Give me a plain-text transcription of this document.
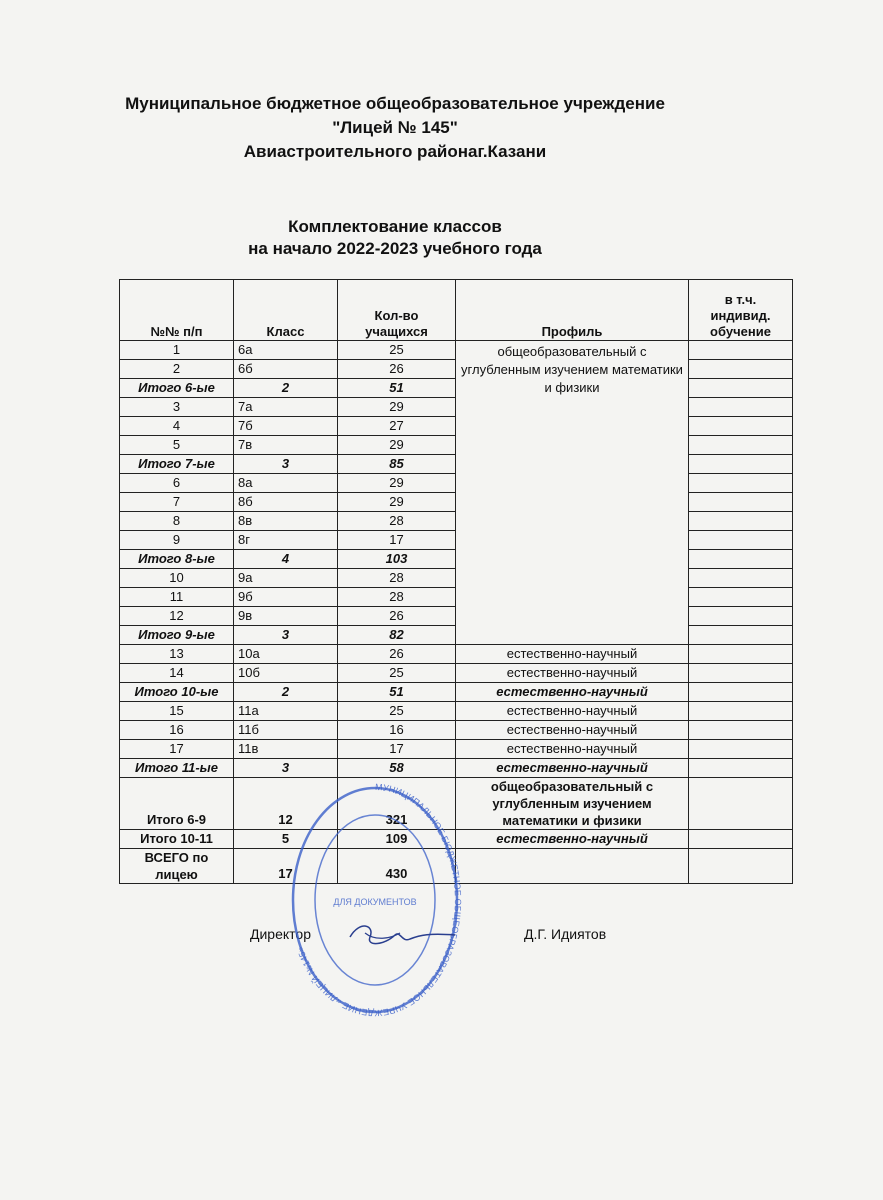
Муниципальное бюджетное общеобразовательное учреждение
"Лицей № 145"
Авиастроительного районаг.Казани
Комплектование классов
на начало 2022-2023 учебного года
№№ п/п	Класс	Кол-во учащихся	Профиль	в т.ч. индивид. обучение
1	6а	25	общеобразовательный с углубленным изучением математики и физики	
2	6б	26		
Итого 6-ые	2	51		
3	7а	29		
4	7б	27		
5	7в	29		
Итого 7-ые	3	85		
6	8а	29		
7	8б	29		
8	8в	28		
9	8г	17		
Итого 8-ые	4	103		
10	9а	28		
11	9б	28		
12	9в	26		
Итого 9-ые	3	82		
13	10а	26	естественно-научный	
14	10б	25	естественно-научный	
Итого 10-ые	2	51	естественно-научный	
15	11а	25	естественно-научный	
16	11б	16	естественно-научный	
17	11в	17	естественно-научный	
Итого 11-ые	3	58	естественно-научный	
Итого 6-9	12	321	общеобразовательный с углубленным изучением математики и физики	
Итого 10-11	5	109	естественно-научный	
ВСЕГО по лицею	17	430		
Директор	Д.Г. Идиятов
МУНИЦИПАЛЬНОЕ БЮДЖЕТНОЕ ОБЩЕОБРАЗОВАТЕЛЬНОЕ УЧРЕЖДЕНИЕ «ЛИЦЕЙ №145»
ДЛЯ ДОКУМЕНТОВ
